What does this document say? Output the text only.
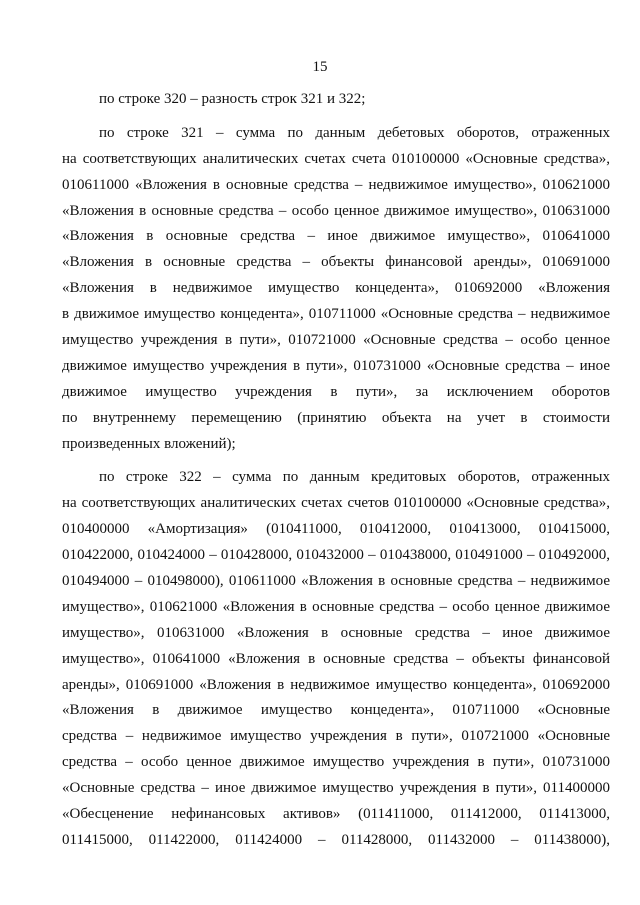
15
по строке 320 – разность строк 321 и 322;
по строке 321 – сумма по данным дебетовых оборотов, отраженных
на соответствующих аналитических счетах счета 010100000 «Основные средства»,
010611000 «Вложения в основные средства – недвижимое имущество», 010621000
«Вложения в основные средства – особо ценное движимое имущество», 010631000
«Вложения в основные средства – иное движимое имущество», 010641000
«Вложения в основные средства – объекты финансовой аренды», 010691000
«Вложения в недвижимое имущество концедента», 010692000 «Вложения
в движимое имущество концедента», 010711000 «Основные средства – недвижимое
имущество учреждения в пути», 010721000 «Основные средства – особо ценное
движимое имущество учреждения в пути», 010731000 «Основные средства – иное
движимое имущество учреждения в пути», за исключением оборотов
по внутреннему перемещению (принятию объекта на учет в стоимости
произведенных вложений);
по строке 322 – сумма по данным кредитовых оборотов, отраженных
на соответствующих аналитических счетах счетов 010100000 «Основные средства»,
010400000 «Амортизация» (010411000, 010412000, 010413000, 010415000,
010422000, 010424000 – 010428000, 010432000 – 010438000, 010491000 – 010492000,
010494000 – 010498000), 010611000 «Вложения в основные средства – недвижимое
имущество», 010621000 «Вложения в основные средства – особо ценное движимое
имущество», 010631000 «Вложения в основные средства – иное движимое
имущество», 010641000 «Вложения в основные средства – объекты финансовой
аренды», 010691000 «Вложения в недвижимое имущество концедента», 010692000
«Вложения в движимое имущество концедента», 010711000 «Основные
средства – недвижимое имущество учреждения в пути», 010721000 «Основные
средства – особо ценное движимое имущество учреждения в пути», 010731000
«Основные средства – иное движимое имущество учреждения в пути», 011400000
«Обесценение нефинансовых активов» (011411000, 011412000, 011413000,
011415000, 011422000, 011424000 – 011428000, 011432000 – 011438000),
